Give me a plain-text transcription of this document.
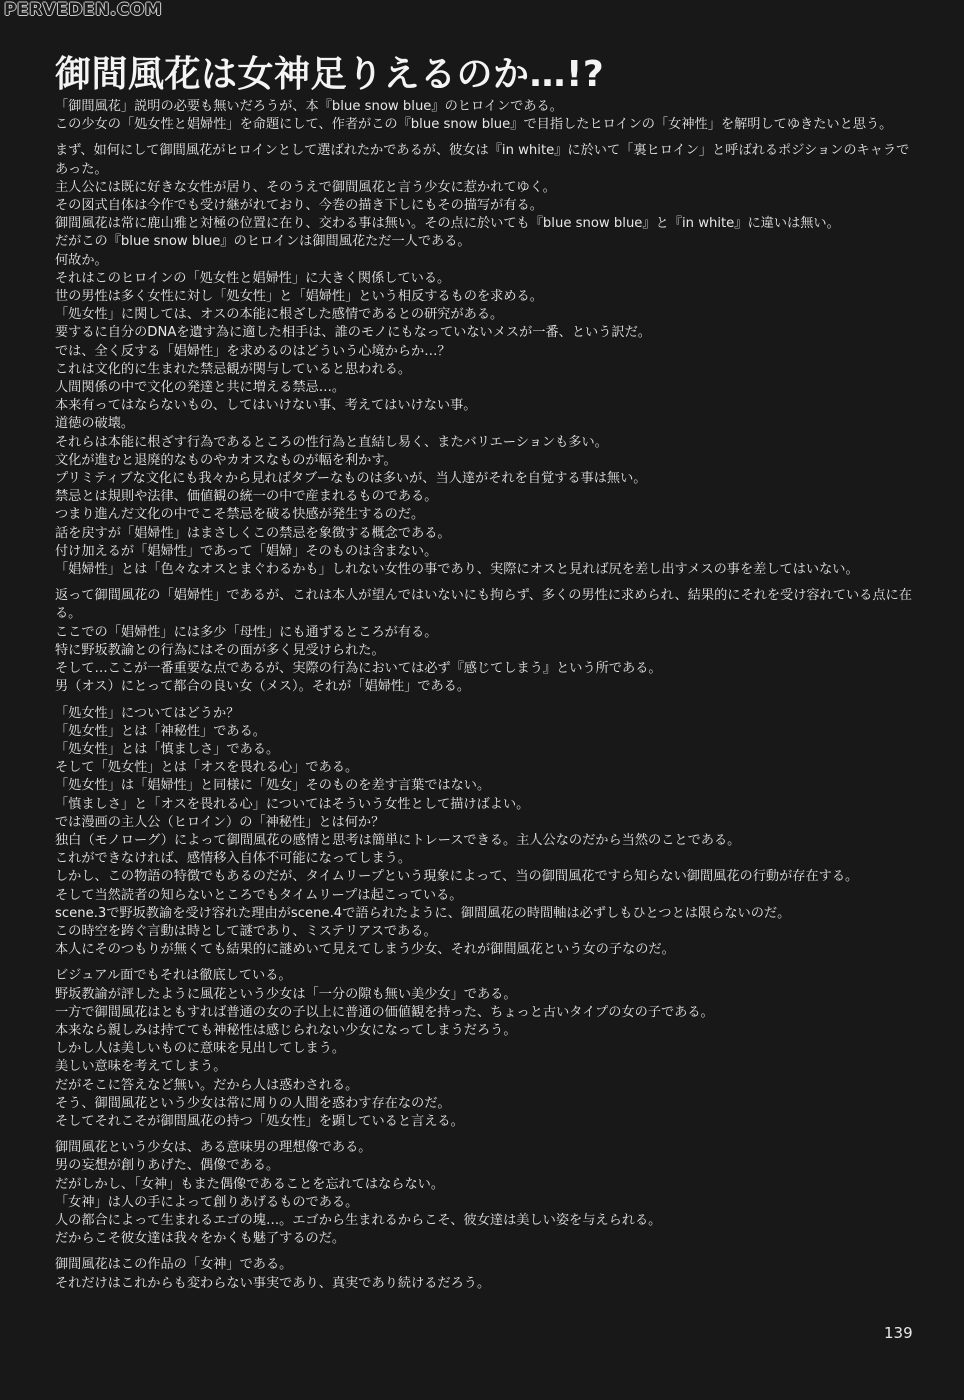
PERVEDEN.COM
御間風花は女神足りえるのか…!?
「御間風花」説明の必要も無いだろうが、本『blue snow blue』のヒロインである。
この少女の「処女性と娼婦性」を命題にして、作者がこの『blue snow blue』で目指したヒロインの「女神性」を解明してゆきたいと思う。
まず、如何にして御間風花がヒロインとして選ばれたかであるが、彼女は『in white』に於いて「裏ヒロイン」と呼ばれるポジションのキャラであった。
主人公には既に好きな女性が居り、そのうえで御間風花と言う少女に惹かれてゆく。
その図式自体は今作でも受け継がれており、今巻の描き下しにもその描写が有る。
御間風花は常に鹿山雅と対極の位置に在り、交わる事は無い。その点に於いても『blue snow blue』と『in white』に違いは無い。
だがこの『blue snow blue』のヒロインは御間風花ただ一人である。
何故か。
それはこのヒロインの「処女性と娼婦性」に大きく関係している。
世の男性は多く女性に対し「処女性」と「娼婦性」という相反するものを求める。
「処女性」に関しては、オスの本能に根ざした感情であるとの研究がある。
要するに自分のDNAを遺す為に適した相手は、誰のモノにもなっていないメスが一番、という訳だ。
では、全く反する「娼婦性」を求めるのはどういう心境からか…？
これは文化的に生まれた禁忌観が関与していると思われる。
人間関係の中で文化の発達と共に増える禁忌…。
本来有ってはならないもの、してはいけない事、考えてはいけない事。
道徳の破壊。
それらは本能に根ざす行為であるところの性行為と直結し易く、またバリエーションも多い。
文化が進むと退廃的なものやカオスなものが幅を利かす。
プリミティブな文化にも我々から見ればタブーなものは多いが、当人達がそれを自覚する事は無い。
禁忌とは規則や法律、価値観の統一の中で産まれるものである。
つまり進んだ文化の中でこそ禁忌を破る快感が発生するのだ。
話を戻すが「娼婦性」はまさしくこの禁忌を象徴する概念である。
付け加えるが「娼婦性」であって「娼婦」そのものは含まない。
「娼婦性」とは「色々なオスとまぐわるかも」しれない女性の事であり、実際にオスと見れば尻を差し出すメスの事を差してはいない。
返って御間風花の「娼婦性」であるが、これは本人が望んではいないにも拘らず、多くの男性に求められ、結果的にそれを受け容れている点に在る。
ここでの「娼婦性」には多少「母性」にも通ずるところが有る。
特に野坂教諭との行為にはその面が多く見受けられた。
そして…ここが一番重要な点であるが、実際の行為においては必ず『感じてしまう』という所である。
男（オス）にとって都合の良い女（メス）。それが「娼婦性」である。
「処女性」についてはどうか？
「処女性」とは「神秘性」である。
「処女性」とは「慎ましさ」である。
そして「処女性」とは「オスを畏れる心」である。
「処女性」は「娼婦性」と同様に「処女」そのものを差す言葉ではない。
「慎ましさ」と「オスを畏れる心」についてはそういう女性として描けばよい。
では漫画の主人公（ヒロイン）の「神秘性」とは何か？
独白（モノローグ）によって御間風花の感情と思考は簡単にトレースできる。主人公なのだから当然のことである。
これができなければ、感情移入自体不可能になってしまう。
しかし、この物語の特徴でもあるのだが、タイムリープという現象によって、当の御間風花ですら知らない御間風花の行動が存在する。
そして当然読者の知らないところでもタイムリープは起こっている。
scene.3で野坂教諭を受け容れた理由がscene.4で語られたように、御間風花の時間軸は必ずしもひとつとは限らないのだ。
この時空を跨ぐ言動は時として謎であり、ミステリアスである。
本人にそのつもりが無くても結果的に謎めいて見えてしまう少女、それが御間風花という女の子なのだ。
ビジュアル面でもそれは徹底している。
野坂教諭が評したように風花という少女は「一分の隙も無い美少女」である。
一方で御間風花はともすれば普通の女の子以上に普通の価値観を持った、ちょっと古いタイプの女の子である。
本来なら親しみは持てても神秘性は感じられない少女になってしまうだろう。
しかし人は美しいものに意味を見出してしまう。
美しい意味を考えてしまう。
だがそこに答えなど無い。だから人は惑わされる。
そう、御間風花という少女は常に周りの人間を惑わす存在なのだ。
そしてそれこそが御間風花の持つ「処女性」を顕していると言える。
御間風花という少女は、ある意味男の理想像である。
男の妄想が創りあげた、偶像である。
だがしかし、「女神」もまた偶像であることを忘れてはならない。
「女神」は人の手によって創りあげるものである。
人の都合によって生まれるエゴの塊…。エゴから生まれるからこそ、彼女達は美しい姿を与えられる。
だからこそ彼女達は我々をかくも魅了するのだ。
御間風花はこの作品の「女神」である。
それだけはこれからも変わらない事実であり、真実であり続けるだろう。
139
